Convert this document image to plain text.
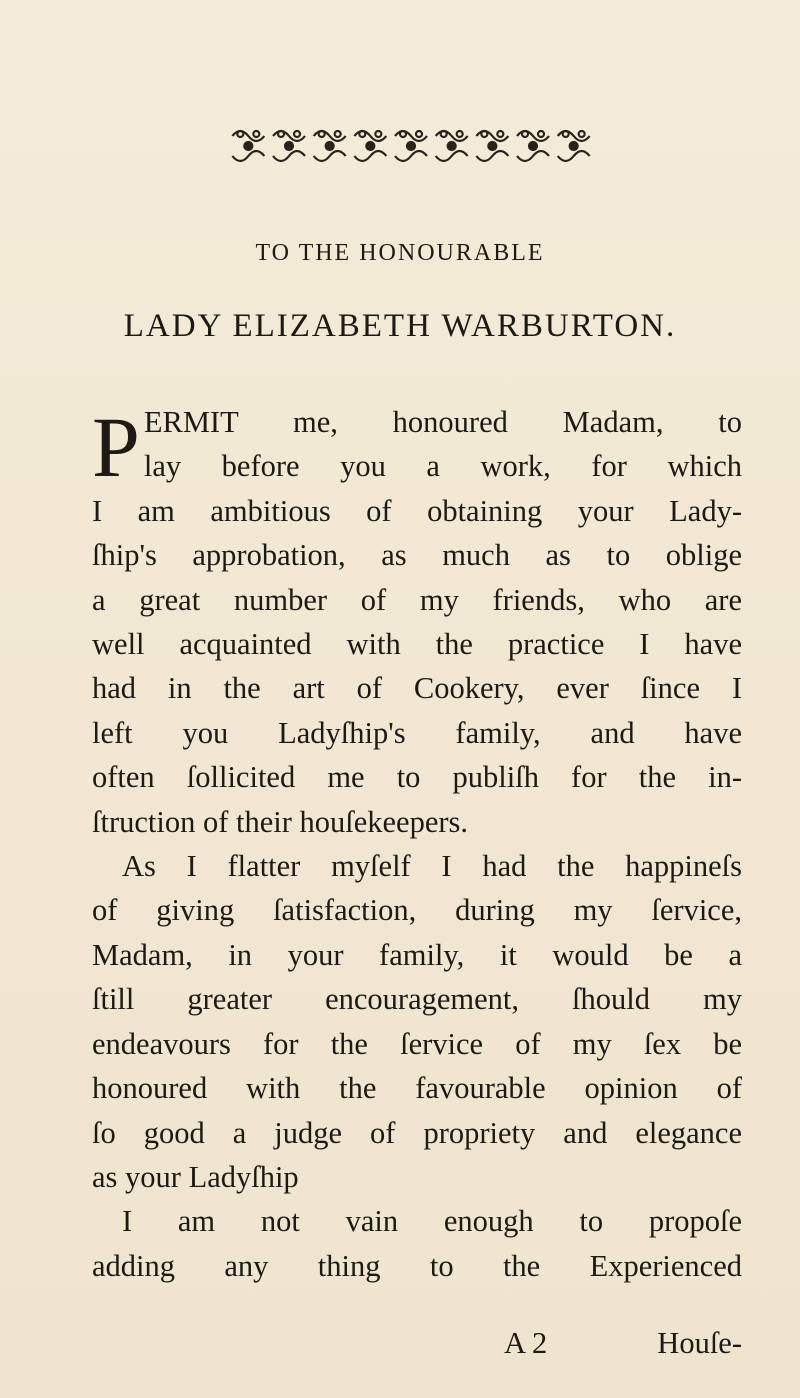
TO THE HONOURABLE
LADY ELIZABETH WARBURTON.
P ERMIT me, honoured Madam, to
lay before you a work, for which
I am ambitious of obtaining your Lady-
ſhip's approbation, as much as to oblige
a great number of my friends, who are
well acquainted with the practice I have
had in the art of Cookery, ever ſince I
left you Ladyſhip's family, and have
often ſollicited me to publiſh for the in-
ſtruction of their houſekeepers.
As I flatter myſelf I had the happineſs
of giving ſatisfaction, during my ſervice,
Madam, in your family, it would be a
ſtill greater encouragement, ſhould my
endeavours for the ſervice of my ſex be
honoured with the favourable opinion of
ſo good a judge of propriety and elegance
as your Ladyſhip
I am not vain enough to propoſe
adding any thing to the Experienced
A 2	Houſe-
